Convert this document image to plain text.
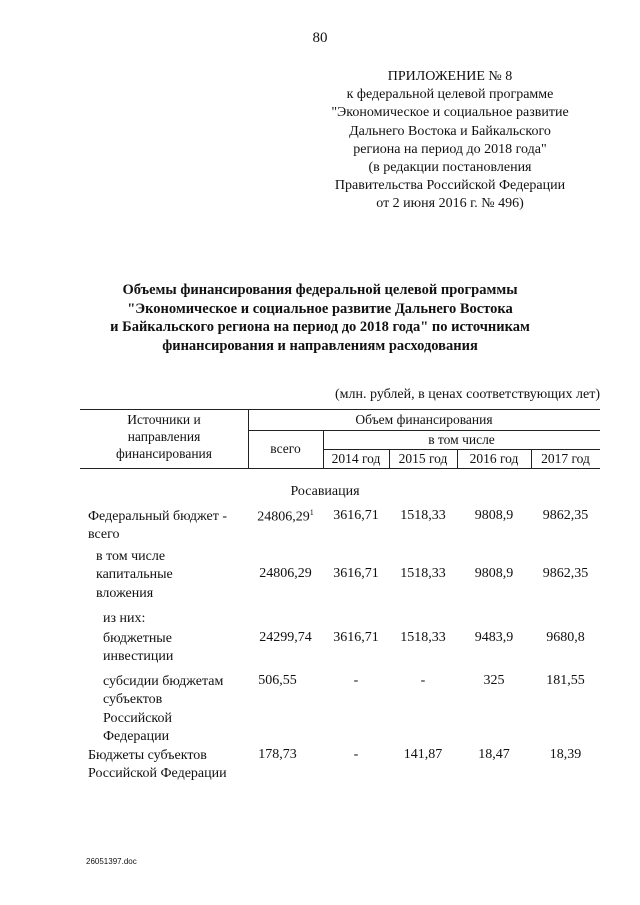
80
ПРИЛОЖЕНИЕ № 8
к федеральной целевой программе
"Экономическое и социальное развитие
Дальнего Востока и Байкальского
региона на период до 2018 года"
(в редакции постановления
Правительства Российской Федерации
от 2 июня 2016 г. № 496)
Объемы финансирования федеральной целевой программы
"Экономическое и социальное развитие Дальнего Востока
и Байкальского региона на период до 2018 года" по источникам
финансирования и направлениям расходования
(млн. рублей, в ценах соответствующих лет)
Источники и
направления
финансирования
Объем финансирования
всего
в том числе
2014 год	2015 год	2016 год	2017 год
Росавиация
Федеральный бюджет -
всего
24806,29$^1$	3616,71	1518,33	9808,9	9862,35
в том числе
капитальные
вложения
24806,29	3616,71	1518,33	9808,9	9862,35
из них:
бюджетные
инвестиции
24299,74	3616,71	1518,33	9483,9	9680,8
субсидии бюджетам
субъектов
Российской
Федерации
506,55	-	-	325	181,55
Бюджеты субъектов
Российской Федерации
178,73	-	141,87	18,47	18,39
26051397.doc
